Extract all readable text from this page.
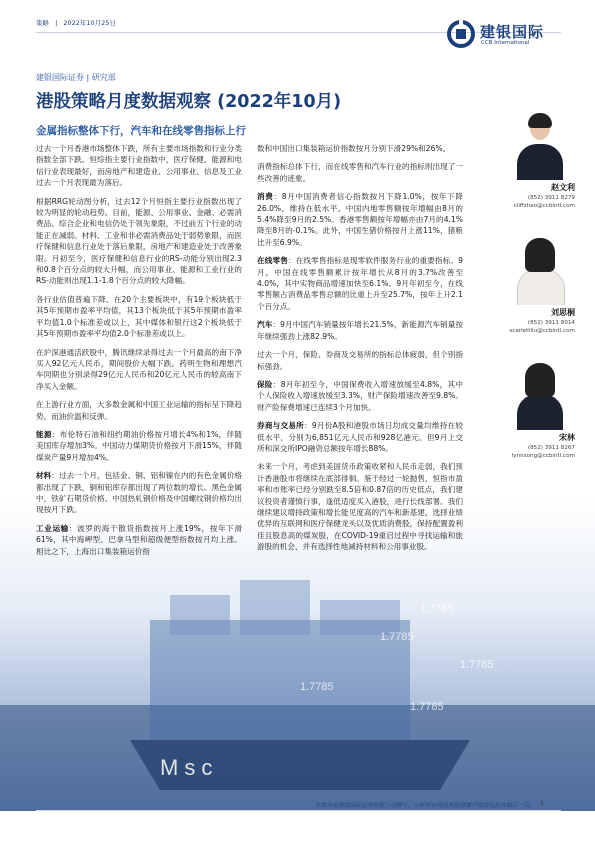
1.7765
1.7785
1.7765
1.7785
1.7785
Msc
策略 | 2022年10月25日	建银国际
CCB International
建银国际证券 | 研究部
港股策略月度数据观察 (2022年10月)
金属指标整体下行，汽车和在线零售指标上行

过去一个月香港市场整体下跌，所有主要市场指数和行业分类指数全部下跌。恒综指主要行业指数中，医疗保健、能源和电信行业表现最好，而房地产和建造业、公用事业、信息及工业过去一个月表现最为落后。

根据RRG轮动图分析，过去12个月恒指主要行业指数出现了较为明显的轮动趋势。目前，能源、公用事业、金融、必需消费品、综合企业和电信仍处于领先象限，不过前五个行业的动能正在减弱。材料、工业和非必需消费品处于弱势象限，而医疗保健和信息行业处于落后象限，房地产和建造业处于改善象限。月初至今，医疗保健和信息行业的RS-动能分别出现2.3和0.8个百分点的较大升幅，而公用事业、能源和工业行业的RS-动能则出现1.1-1.8个百分点的较大降幅。

各行业估值普遍下降。在20个主要板块中，有19个板块低于其5年预期市盈率平均值，其13个板块低于其5年预期市盈率平均值1.0个标准差或以上，其中媒体和银行这2个板块低于其5年预期市盈率平均值2.0个标准差或以上。

在沪深港通活跃股中，腾讯继续录得过去一个月最高的南下净买入92亿元人民币，期间股价大幅下跌。药明生物和理想汽车同期也分别录得29亿元人民币和20亿元人民币的较高南下净买入金额。

在上游行业方面，大多数金属和中国工业运输的指标呈下降趋势，而油价温和反弹。

能源：布伦特石油和纽约期油价格按月增长4%和1%，伴随美国库存增加3%。中国动力煤期货价格按月下滑15%，伴随煤炭产量9月增加4%。

材料：过去一个月，包括金、铜、铝和镍在内的有色金属价格都出现了下跌，铜和铝库存都出现了两位数的增长。黑色金属中，铁矿石期货价格、中国热轧钢价格及中国螺纹钢价格均出现按月下跌。

工业运输：波罗的海干散货指数按月上涨19%，按年下滑61%，其中海岬型、巴拿马型和超级便型指数按月均上涨。相比之下，上海出口集装箱运价指

数和中国出口集装箱运价指数按月分别下滑29%和26%。

消费指标总体下行，而在线零售和汽车行业的指标则出现了一些改善的迹象。

消费：8月中国消费者信心指数按月下降1.0%，按年下降26.0%，维持在低水平。中国内地零售额按年增幅由8月的5.4%降至9月的2.5%。香港零售额按年增幅亦由7月的4.1%降至8月的-0.1%。此外，中国生猪价格按月上涨11%，猪粮比升至6.9%。

在线零售：在线零售指标是现零软件服务行业的重要指标。9月，中国在线零售额累计按年增长从8月的3.7%改善至4.0%，其中实物商品增速加快至6.1%。9月年初至今，在线零售额占消费品零售总额的比重上升至25.7%，按年上升2.1个百分点。

汽车：9月中国汽车销量按年增长21.5%，新能源汽车销量按年继续强劲上涨82.9%。

过去一个月，保险、券商及交易所的指标总体疲弱，但个别指标强劲。

保险：8月年初至今，中国保费收入增速放缓至4.8%，其中个人保险收入增速放缓至3.3%，财产保险增速改善至9.8%。财产险保费增速已连续3个月加快。

券商与交易所：9月份A股和港股市场日均成交量均维持在较低水平，分别为6,851亿元人民币和928亿港元。但9月上交所和深交所IPO融资总额按年增长88%。

未来一个月，考虑到美国货币政策收紧和人民币走弱，我们预计香港股市将继续在底部徘徊。鉴于经过一轮抛售，恒指市盈率和市账率已经分别跌至8.5倍和0.87倍的历史低点，我们建议投资者谨慎行事，逢低适度买入港股，进行长线部署。我们继续建议增持政策和增长能见度高的汽车和新基建，选择业绩优异的互联网和医疗保健龙头以及优质消费股，保持配置盈利佳且股息高的煤炭股，在COVID-19重启过程中寻找运输和旅游股的机会，并有选择性地减持材料和公用事业股。

赵文利
(852) 3911 8279
cliffzhao@ccbintl.com
刘思桐
(852) 3911 8014
scarlettliu@ccbintl.com
宋林
(852) 3911 8267
lynnsong@ccbintl.com
本报告由建银国际证券有限公司撰写，分析师证明及其他重要声明请见报告最后一页。 1
